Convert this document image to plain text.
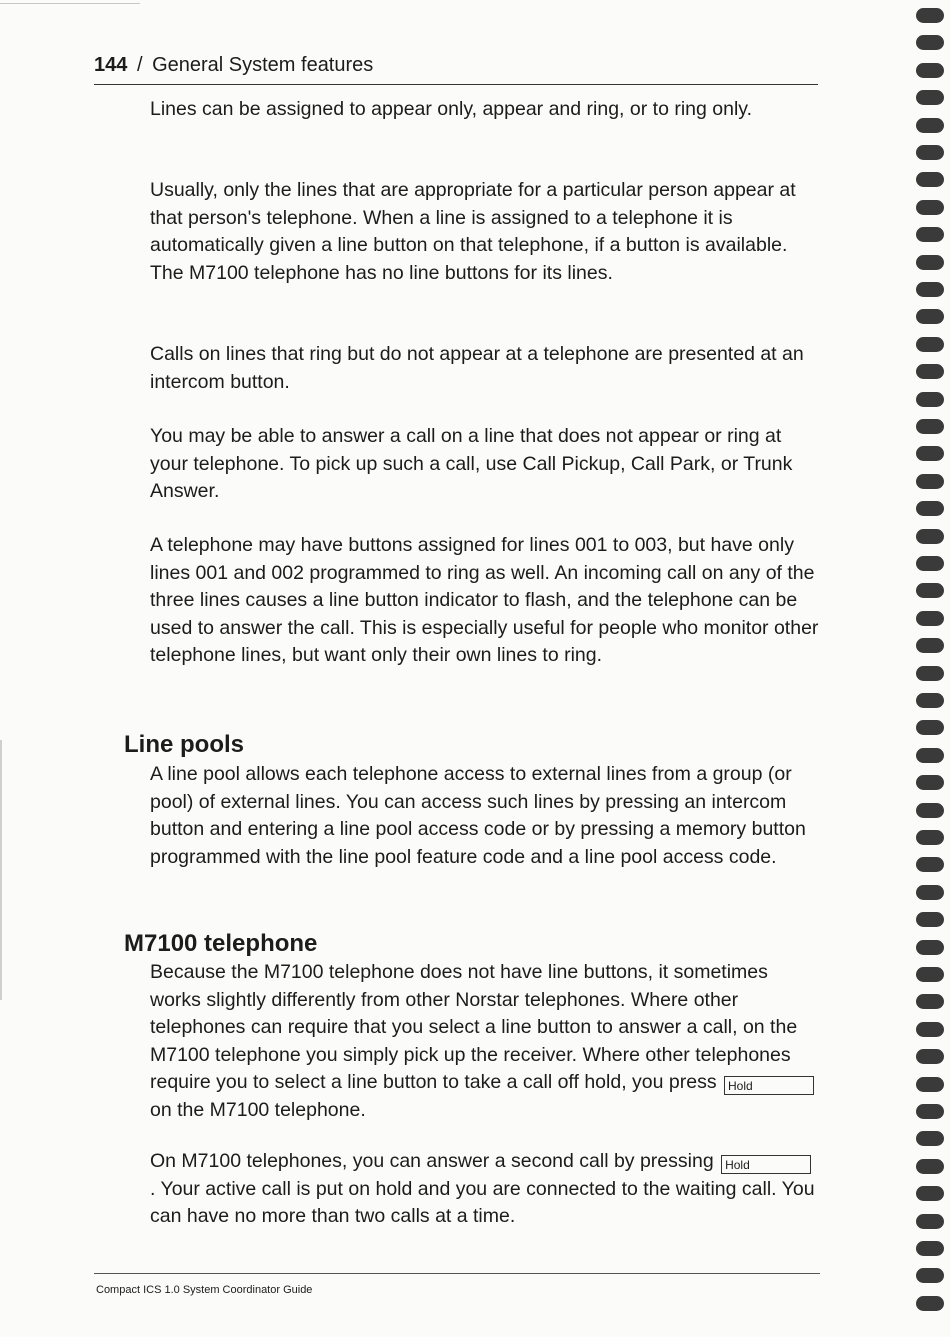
144 / General System features

Lines can be assigned to appear only, appear and ring, or to ring only.

Usually, only the lines that are appropriate for a particular person appear at that person's telephone. When a line is assigned to a telephone it is automatically given a line button on that telephone, if a button is available. The M7100 telephone has no line buttons for its lines.

Calls on lines that ring but do not appear at a telephone are presented at an intercom button.

You may be able to answer a call on a line that does not appear or ring at your telephone. To pick up such a call, use Call Pickup, Call Park, or Trunk Answer.

A telephone may have buttons assigned for lines 001 to 003, but have only lines 001 and 002 programmed to ring as well. An incoming call on any of the three lines causes a line button indicator to flash, and the telephone can be used to answer the call. This is especially useful for people who monitor other telephone lines, but want only their own lines to ring.

Line pools

A line pool allows each telephone access to external lines from a group (or pool) of external lines. You can access such lines by pressing an intercom button and entering a line pool access code or by pressing a memory button programmed with the line pool feature code and a line pool access code.

M7100 telephone

Because the M7100 telephone does not have line buttons, it sometimes works slightly differently from other Norstar telephones. Where other telephones can require that you select a line button to answer a call, on the M7100 telephone you simply pick up the receiver. Where other telephones require you to select a line button to take a call off hold, you press Holdon the M7100 telephone.

On M7100 telephones, you can answer a second call by pressing Hold. Your active call is put on hold and you are connected to the waiting call. You can have no more than two calls at a time.

Compact ICS 1.0 System Coordinator Guide
